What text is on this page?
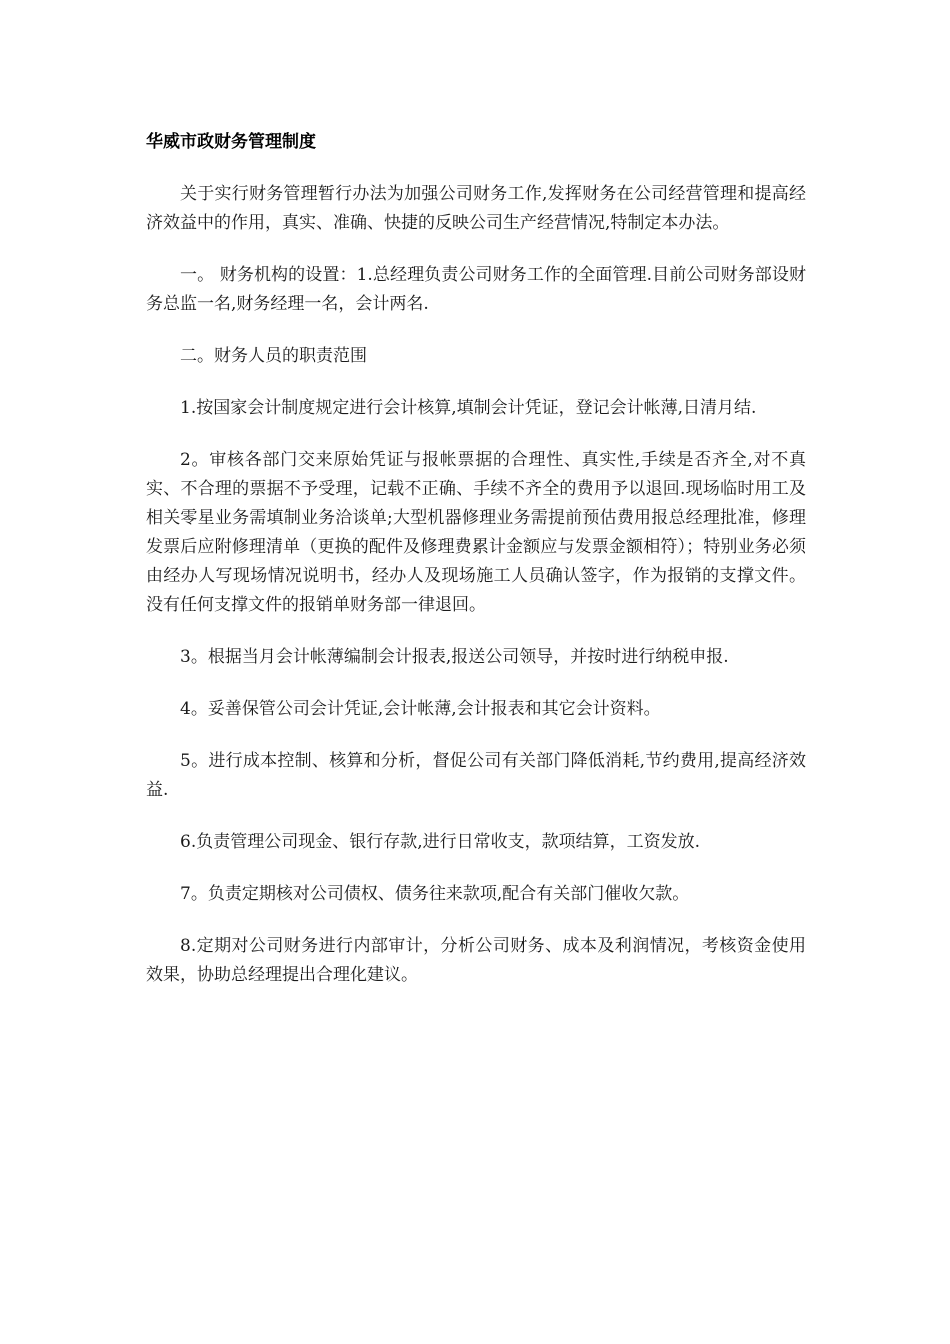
华威市政财务管理制度

关于实行财务管理暂行办法为加强公司财务工作,发挥财务在公司经营管理和提高经济效益中的作用，真实、准确、快捷的反映公司生产经营情况,特制定本办法。

一。 财务机构的设置：1.总经理负责公司财务工作的全面管理.目前公司财务部设财务总监一名,财务经理一名，会计两名.

二。财务人员的职责范围

1.按国家会计制度规定进行会计核算,填制会计凭证，登记会计帐薄,日清月结.

2。审核各部门交来原始凭证与报帐票据的合理性、真实性,手续是否齐全,对不真实、不合理的票据不予受理，记载不正确、手续不齐全的费用予以退回.现场临时用工及相关零星业务需填制业务洽谈单;大型机器修理业务需提前预估费用报总经理批准，修理发票后应附修理清单（更换的配件及修理费累计金额应与发票金额相符）；特别业务必须由经办人写现场情况说明书，经办人及现场施工人员确认签字，作为报销的支撑文件。没有任何支撑文件的报销单财务部一律退回。

3。根据当月会计帐薄编制会计报表,报送公司领导，并按时进行纳税申报.

4。妥善保管公司会计凭证,会计帐薄,会计报表和其它会计资料。

5。进行成本控制、核算和分析，督促公司有关部门降低消耗,节约费用,提高经济效益.

6.负责管理公司现金、银行存款,进行日常收支，款项结算，工资发放.

7。负责定期核对公司债权、债务往来款项,配合有关部门催收欠款。

8.定期对公司财务进行内部审计，分析公司财务、成本及利润情况，考核资金使用效果，协助总经理提出合理化建议。
